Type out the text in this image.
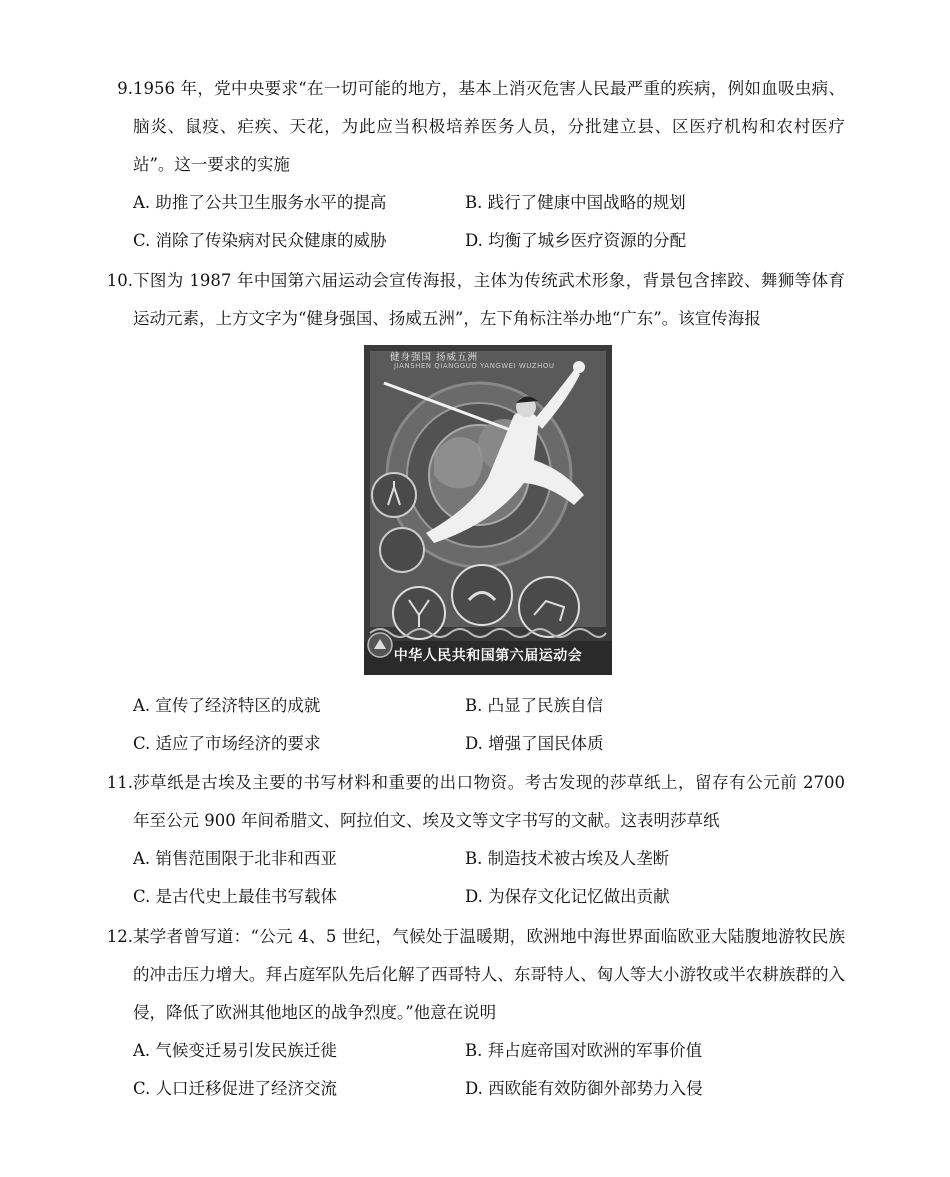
9. 1956 年，党中央要求“在一切可能的地方，基本上消灭危害人民最严重的疾病，例如血吸虫病、脑炎、鼠疫、疟疾、天花，为此应当积极培养医务人员，分批建立县、区医疗机构和农村医疗站”。这一要求的实施
A. 助推了公共卫生服务水平的提高	B. 践行了健康中国战略的规划
C. 消除了传染病对民众健康的威胁	D. 均衡了城乡医疗资源的分配
10. 下图为 1987 年中国第六届运动会宣传海报，主体为传统武术形象，背景包含摔跤、舞狮等体育运动元素，上方文字为“健身强国、扬威五洲”，左下角标注举办地“广东”。该宣传海报
健身强国 扬威五洲
JIANSHEN QIANGGUO YANGWEI WUZHOU
中华人民共和国第六届运动会
A. 宣传了经济特区的成就	B. 凸显了民族自信
C. 适应了市场经济的要求	D. 增强了国民体质
11. 莎草纸是古埃及主要的书写材料和重要的出口物资。考古发现的莎草纸上，留存有公元前 2700 年至公元 900 年间希腊文、阿拉伯文、埃及文等文字书写的文献。这表明莎草纸
A. 销售范围限于北非和西亚	B. 制造技术被古埃及人垄断
C. 是古代史上最佳书写载体	D. 为保存文化记忆做出贡献
12. 某学者曾写道：“公元 4、5 世纪，气候处于温暖期，欧洲地中海世界面临欧亚大陆腹地游牧民族的冲击压力增大。拜占庭军队先后化解了西哥特人、东哥特人、匈人等大小游牧或半农耕族群的入侵，降低了欧洲其他地区的战争烈度。”他意在说明
A. 气候变迁易引发民族迁徙	B. 拜占庭帝国对欧洲的军事价值
C. 人口迁移促进了经济交流	D. 西欧能有效防御外部势力入侵
